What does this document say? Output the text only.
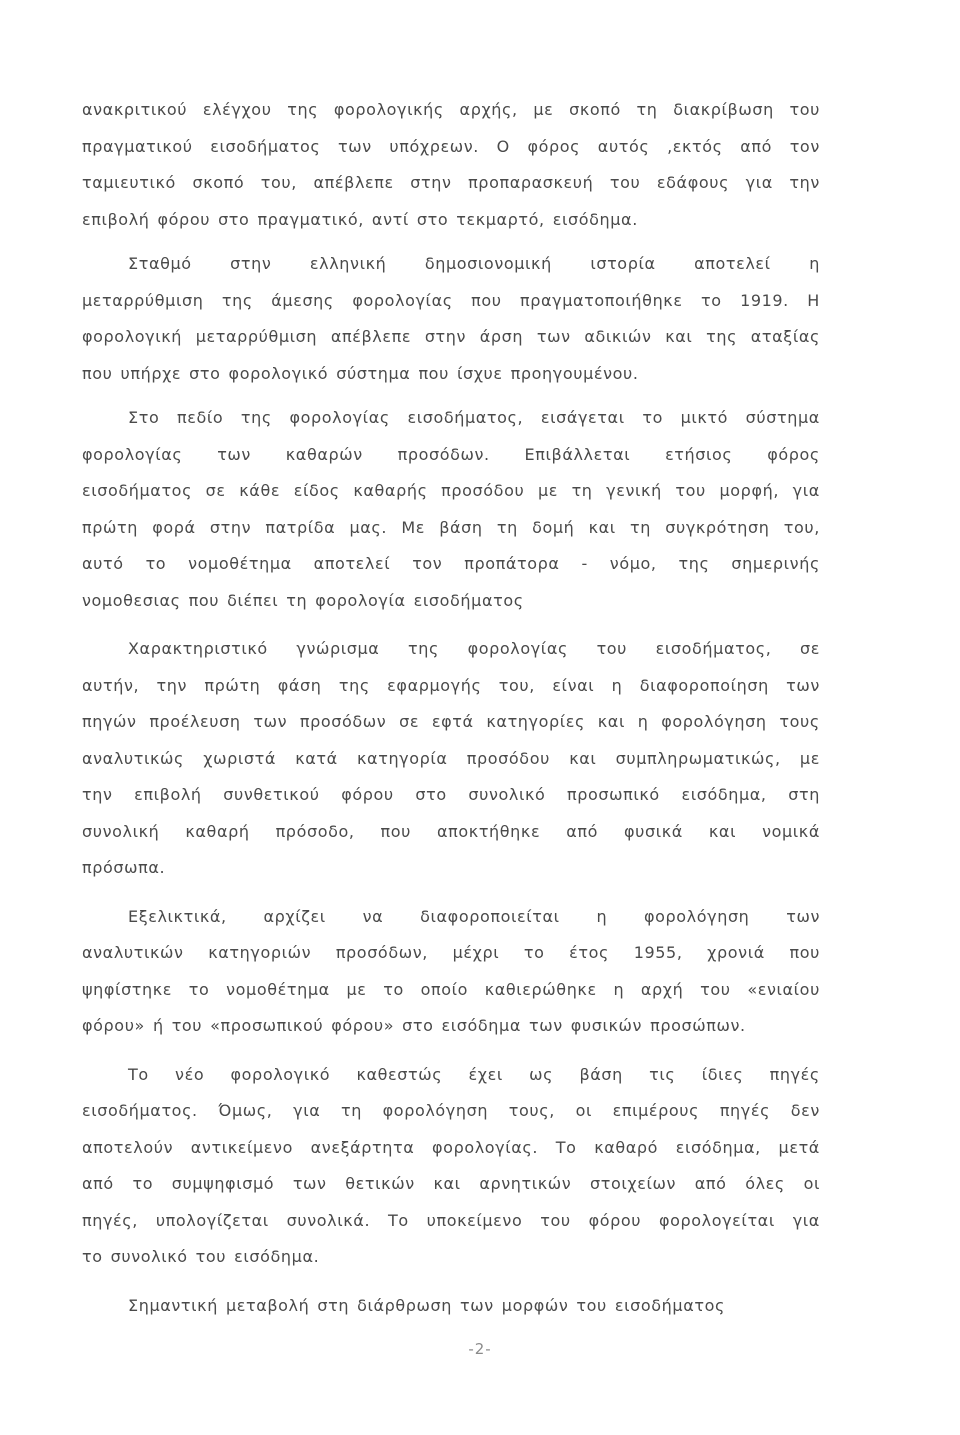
ανακριτικού ελέγχου της φορολογικής αρχής, με σκοπό τη διακρίβωση του
πραγματικού εισοδήματος των υπόχρεων. Ο φόρος αυτός ,εκτός από τον
ταμιευτικό σκοπό του, απέβλεπε στην προπαρασκευή του εδάφους για την
επιβολή φόρου στο πραγματικό, αντί στο τεκμαρτό, εισόδημα.
Σταθμό στην ελληνική δημοσιονομική ιστορία αποτελεί η
μεταρρύθμιση της άμεσης φορολογίας που πραγματοποιήθηκε το 1919. Η
φορολογική μεταρρύθμιση απέβλεπε στην άρση των αδικιών και της αταξίας
που υπήρχε στο φορολογικό σύστημα που ίσχυε προηγουμένου.
Στο πεδίο της φορολογίας εισοδήματος, εισάγεται το μικτό σύστημα
φορολογίας των καθαρών προσόδων. Επιβάλλεται ετήσιος φόρος
εισοδήματος σε κάθε είδος καθαρής προσόδου με τη γενική του μορφή, για
πρώτη φορά στην πατρίδα μας. Με βάση τη δομή και τη συγκρότηση του,
αυτό το νομοθέτημα αποτελεί τον προπάτορα - νόμο, της σημερινής
νομοθεσιας που διέπει τη φορολογία εισοδήματος
Χαρακτηριστικό γνώρισμα της φορολογίας του εισοδήματος, σε
αυτήν, την πρώτη φάση της εφαρμογής του, είναι η διαφοροποίηση των
πηγών προέλευση των προσόδων σε εφτά κατηγορίες και η φορολόγηση τους
αναλυτικώς χωριστά κατά κατηγορία προσόδου και συμπληρωματικώς, με
την επιβολή συνθετικού φόρου στο συνολικό προσωπικό εισόδημα, στη
συνολική καθαρή πρόσοδο, που αποκτήθηκε από φυσικά και νομικά
πρόσωπα.
Εξελικτικά, αρχίζει να διαφοροποιείται η φορολόγηση των
αναλυτικών κατηγοριών προσόδων, μέχρι το έτος 1955, χρονιά που
ψηφίστηκε το νομοθέτημα με το οποίο καθιερώθηκε η αρχή του «ενιαίου
φόρου» ή του «προσωπικού φόρου» στο εισόδημα των φυσικών προσώπων.
Το νέο φορολογικό καθεστώς έχει ως βάση τις ίδιες πηγές
εισοδήματος. Όμως, για τη φορολόγηση τους, οι επιμέρους πηγές δεν
αποτελούν αντικείμενο ανεξάρτητα φορολογίας. Το καθαρό εισόδημα, μετά
από το συμψηφισμό των θετικών και αρνητικών στοιχείων από όλες οι
πηγές, υπολογίζεται συνολικά. Το υποκείμενο του φόρου φορολογείται για
το συνολικό του εισόδημα.
Σημαντική μεταβολή στη διάρθρωση των μορφών του εισοδήματος
-2-
